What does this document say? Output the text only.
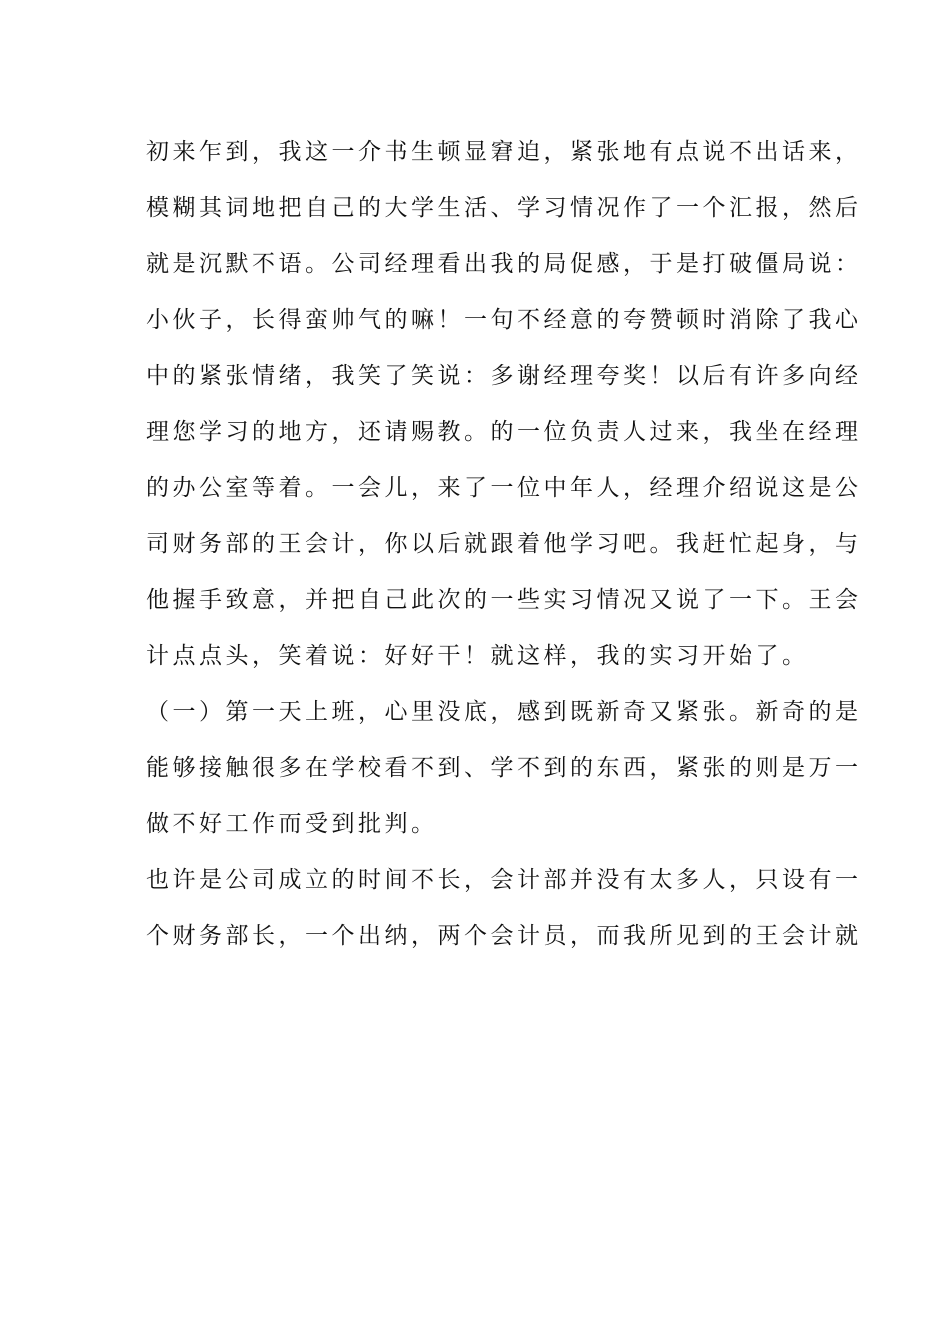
初来乍到，我这一介书生顿显窘迫，紧张地有点说不出话来，
模糊其词地把自己的大学生活、学习情况作了一个汇报，然后
就是沉默不语。公司经理看出我的局促感，于是打破僵局说：
小伙子，长得蛮帅气的嘛！一句不经意的夸赞顿时消除了我心
中的紧张情绪，我笑了笑说：多谢经理夸奖！以后有许多向经
理您学习的地方，还请赐教。的一位负责人过来，我坐在经理
的办公室等着。一会儿，来了一位中年人，经理介绍说这是公
司财务部的王会计，你以后就跟着他学习吧。我赶忙起身，与
他握手致意，并把自己此次的一些实习情况又说了一下。王会
计点点头，笑着说：好好干！就这样，我的实习开始了。
（一）第一天上班，心里没底，感到既新奇又紧张。新奇的是
能够接触很多在学校看不到、学不到的东西，紧张的则是万一
做不好工作而受到批判。
也许是公司成立的时间不长，会计部并没有太多人，只设有一
个财务部长，一个出纳，两个会计员，而我所见到的王会计就
